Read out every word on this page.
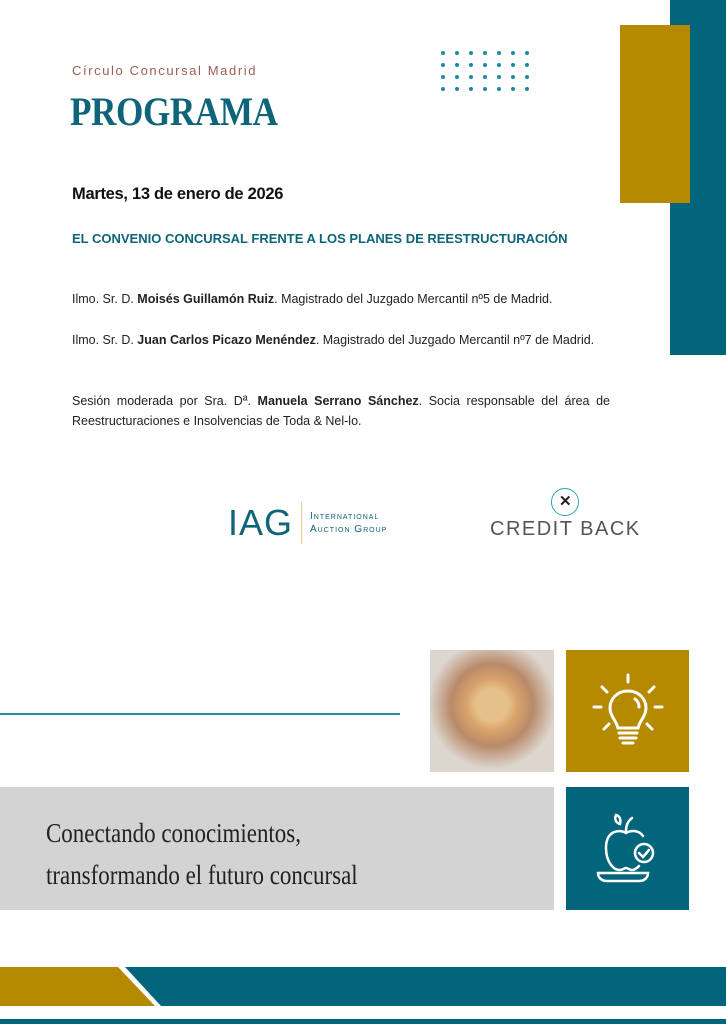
Círculo Concursal Madrid
PROGRAMA
Martes, 13 de enero de 2026
EL CONVENIO CONCURSAL FRENTE A LOS PLANES DE REESTRUCTURACIÓN
Ilmo. Sr. D. Moisés Guillamón Ruiz. Magistrado del Juzgado Mercantil nº5 de Madrid.
Ilmo. Sr. D. Juan Carlos Picazo Menéndez. Magistrado del Juzgado Mercantil nº7 de Madrid.
Sesión moderada por Sra. Dª. Manuela Serrano Sánchez. Socia responsable del área de Reestructuraciones e Insolvencias de Toda & Nel-lo.
IAG International
Auction Group
✕
CREDIT BACK
Conectando conocimientos,
transformando el futuro concursal
